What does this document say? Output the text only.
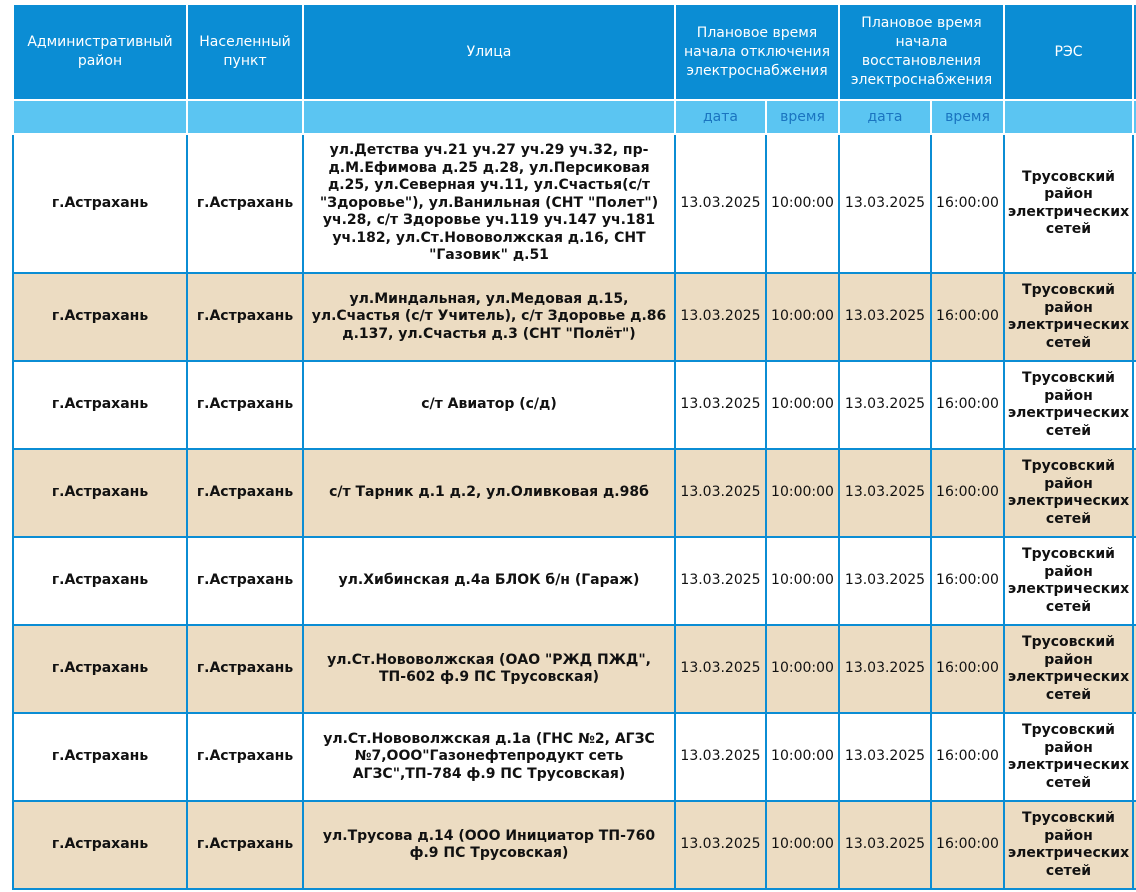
Административный район	Населенный пункт	Улица	Плановое время начала отключения электроснабжения		Плановое время начала восстановления электроснабжения		РЭС	
			дата	время	дата	время		
г.Астрахань	г.Астрахань	ул.Детства уч.21 уч.27 уч.29 уч.32, пр-д.М.Ефимова д.25 д.28, ул.Персиковая д.25, ул.Северная уч.11, ул.Счастья(с/т "Здоровье"), ул.Ванильная (СНТ "Полет") уч.28, с/т Здоровье уч.119 уч.147 уч.181 уч.182, ул.Ст.Нововолжская д.16, СНТ "Газовик" д.51	13.03.2025	10:00:00	13.03.2025	16:00:00	Трусовский район электрических сетей	
г.Астрахань	г.Астрахань	ул.Миндальная, ул.Медовая д.15, ул.Счастья (с/т Учитель), с/т Здоровье д.86 д.137, ул.Счастья д.3 (СНТ "Полёт")	13.03.2025	10:00:00	13.03.2025	16:00:00	Трусовский район электрических сетей	
г.Астрахань	г.Астрахань	с/т Авиатор (с/д)	13.03.2025	10:00:00	13.03.2025	16:00:00	Трусовский район электрических сетей	
г.Астрахань	г.Астрахань	с/т Тарник д.1 д.2, ул.Оливковая д.98б	13.03.2025	10:00:00	13.03.2025	16:00:00	Трусовский район электрических сетей	
г.Астрахань	г.Астрахань	ул.Хибинская д.4а БЛОК б/н (Гараж)	13.03.2025	10:00:00	13.03.2025	16:00:00	Трусовский район электрических сетей	
г.Астрахань	г.Астрахань	ул.Ст.Нововолжская (ОАО "РЖД ПЖД", ТП-602 ф.9 ПС Трусовская)	13.03.2025	10:00:00	13.03.2025	16:00:00	Трусовский район электрических сетей	
г.Астрахань	г.Астрахань	ул.Ст.Нововолжская д.1а (ГНС №2, АГЗС №7,ООО"Газонефтепродукт сеть АГЗС",ТП-784 ф.9 ПС Трусовская)	13.03.2025	10:00:00	13.03.2025	16:00:00	Трусовский район электрических сетей	
г.Астрахань	г.Астрахань	ул.Трусова д.14 (ООО Инициатор ТП-760 ф.9 ПС Трусовская)	13.03.2025	10:00:00	13.03.2025	16:00:00	Трусовский район электрических сетей	
